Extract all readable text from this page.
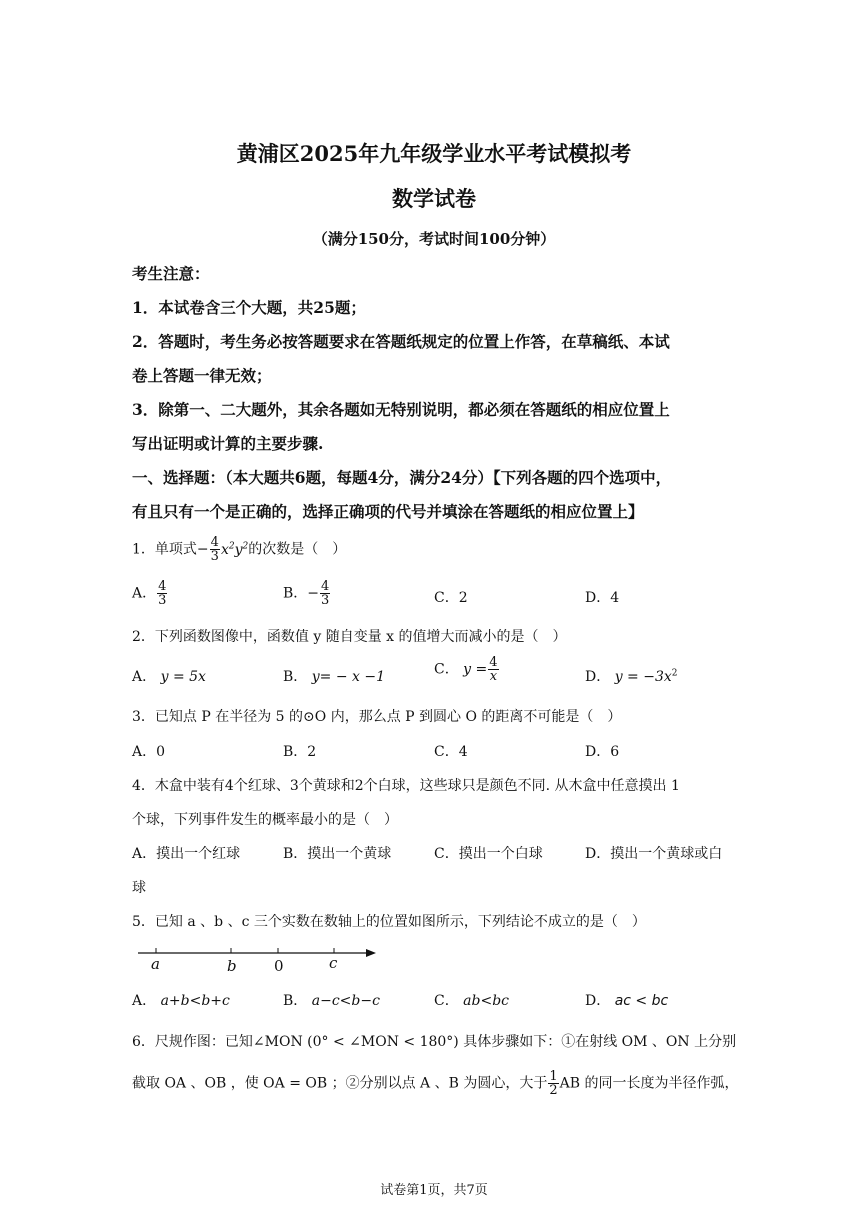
黄浦区2025年九年级学业水平考试模拟考
数学试卷
（满分150分，考试时间100分钟）
考生注意：
1．本试卷含三个大题，共25题；
2．答题时，考生务必按答题要求在答题纸规定的位置上作答，在草稿纸、本试
卷上答题一律无效；
3．除第一、二大题外，其余各题如无特别说明，都必须在答题纸的相应位置上
写出证明或计算的主要步骤.
一、选择题：（本大题共6题，每题4分，满分24分）【下列各题的四个选项中，
有且只有一个是正确的，选择正确项的代号并填涂在答题纸的相应位置上】
1．单项式− $\frac{4}{3} x^2y^2$的次数是（　）
A． $\frac{4}{3}$	B．− $\frac{4}{3}$	C．2	D．4
2．下列函数图像中，函数值 y 随自变量 x 的值增大而减小的是（　）
A． y = 5x	B． y= − x −1	C． $y = \frac{4}{x}$	D． $y = -3x^2$
3．已知点 P 在半径为 5 的⊙O 内，那么点 P 到圆心 O 的距离不可能是（　）
A．0	B．2	C．4	D．6
4．木盒中装有4个红球、3个黄球和2个白球，这些球只是颜色不同. 从木盒中任意摸出 1
个球，下列事件发生的概率最小的是（　）
A．摸出一个红球	B．摸出一个黄球	C．摸出一个白球	D．摸出一个黄球或白
球
5．已知 a 、b 、c 三个实数在数轴上的位置如图所示，下列结论不成立的是（　）
a	b 0	c
A． a+b<b+c	B． a−c<b−c	C． ab<bc	D． ac < bc
6．尺规作图：已知∠MON (0° < ∠MON < 180°) 具体步骤如下：①在射线 OM 、ON 上分别
截取 OA 、OB ，使 OA = OB ；②分别以点 A 、B 为圆心，大于 $\frac{1}{2}$ AB 的同一长度为半径作弧，
试卷第1页，共7页
